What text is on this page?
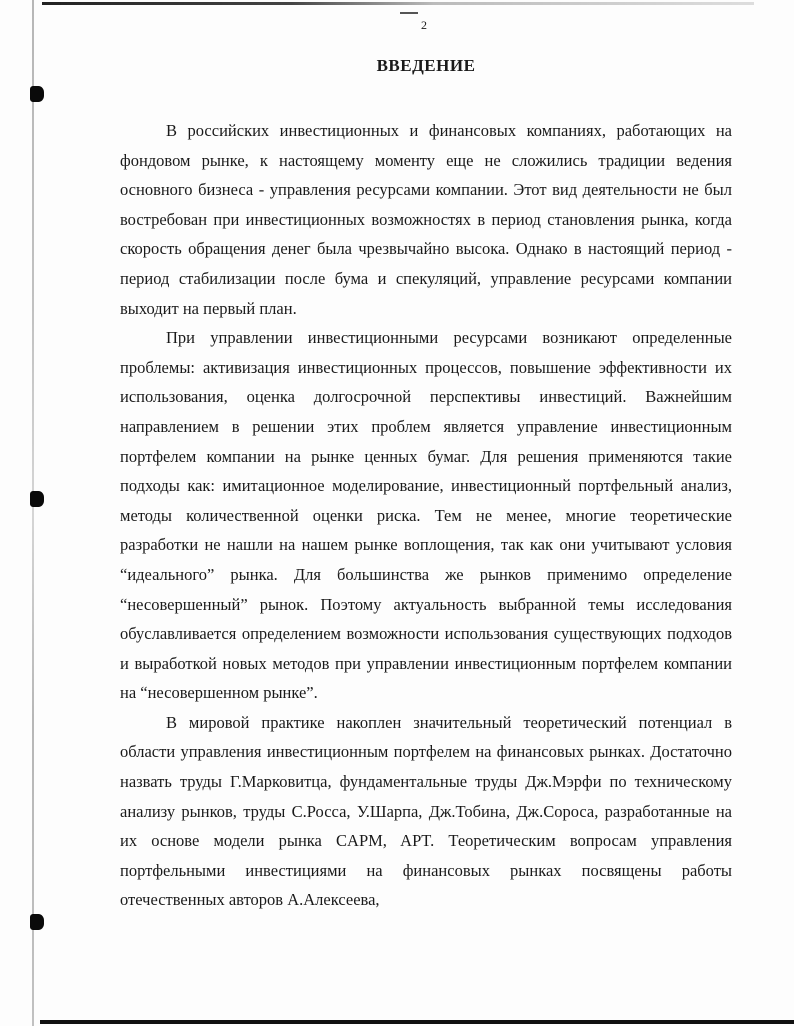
2
ВВЕДЕНИЕ

В российских инвестиционных и финансовых компаниях, работающих на фондовом рынке, к настоящему моменту еще не сложились традиции ведения основного бизнеса - управления ресурсами компании. Этот вид деятельности не был востребован при инвестиционных возможностях в период становления рынка, когда скорость обращения денег была чрезвычайно высока. Однако в настоящий период - период стабилизации после бума и спекуляций, управление ресурсами компании выходит на первый план.

При управлении инвестиционными ресурсами возникают определенные проблемы: активизация инвестиционных процессов, повышение эффективности их использования, оценка долгосрочной перспективы инвестиций. Важнейшим направлением в решении этих проблем является управление инвестиционным портфелем компании на рынке ценных бумаг. Для решения применяются такие подходы как: имитационное моделирование, инвестиционный портфельный анализ, методы количественной оценки риска. Тем не менее, многие теоретические разработки не нашли на нашем рынке воплощения, так как они учитывают условия “идеального” рынка. Для большинства же рынков применимо определение “несовершенный” рынок. Поэтому актуальность выбранной темы исследования обуславливается определением возможности использования существующих подходов и выработкой новых методов при управлении инвестиционным портфелем компании на “несовершенном рынке”.

В мировой практике накоплен значительный теоретический потенциал в области управления инвестиционным портфелем на финансовых рынках. Достаточно назвать труды Г.Марковитца, фундаментальные труды Дж.Мэрфи по техническому анализу рынков, труды С.Росса, У.Шарпа, Дж.Тобина, Дж.Сороса, разработанные на их основе модели рынка CAPM, APT. Теоретическим вопросам управления портфельными инвестициями на финансовых рынках посвящены работы отечественных авторов А.Алексеева,
